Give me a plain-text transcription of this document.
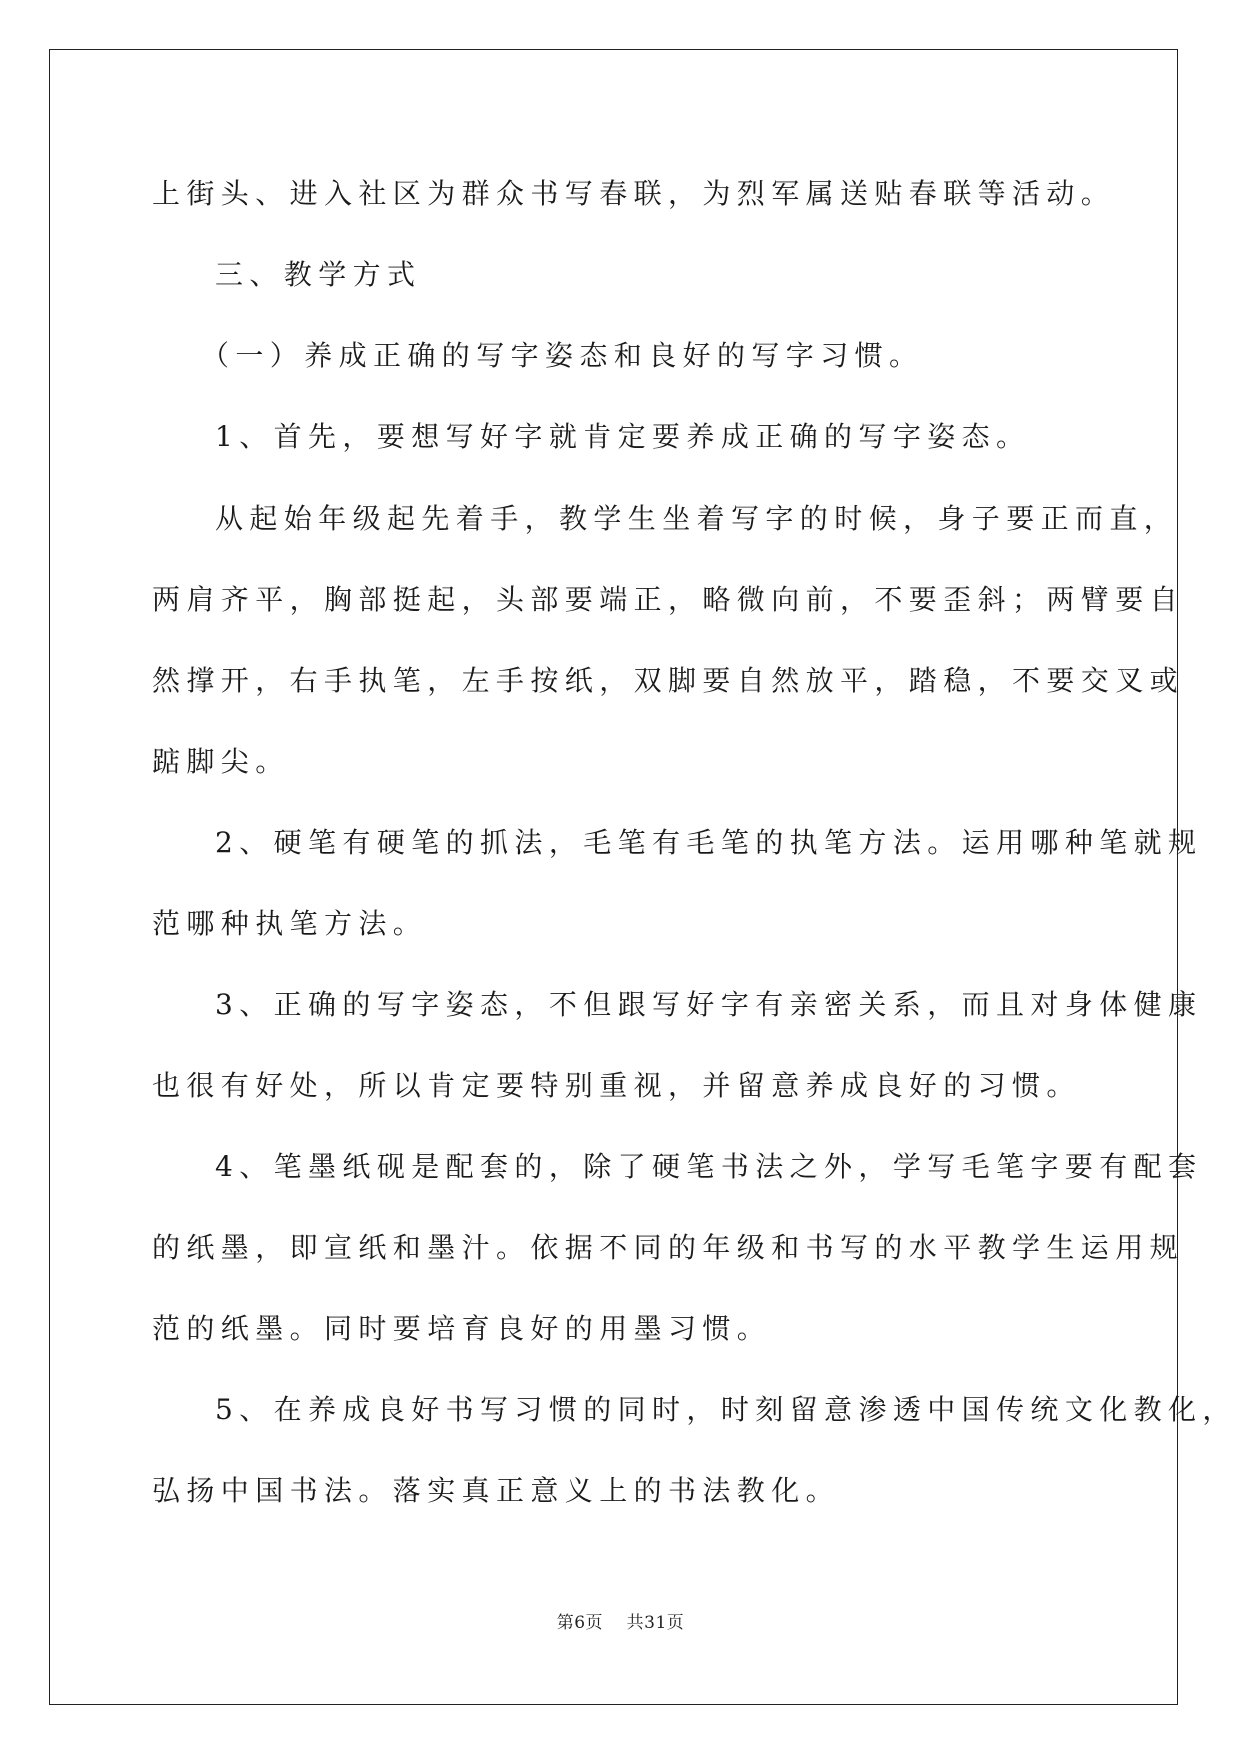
上街头、进入社区为群众书写春联，为烈军属送贴春联等活动。
三、教学方式
（一）养成正确的写字姿态和良好的写字习惯。
1、首先，要想写好字就肯定要养成正确的写字姿态。
从起始年级起先着手，教学生坐着写字的时候，身子要正而直，
两肩齐平，胸部挺起，头部要端正，略微向前，不要歪斜；两臂要自
然撑开，右手执笔，左手按纸，双脚要自然放平，踏稳，不要交叉或
踮脚尖。
2、硬笔有硬笔的抓法，毛笔有毛笔的执笔方法。运用哪种笔就规
范哪种执笔方法。
3、正确的写字姿态，不但跟写好字有亲密关系，而且对身体健康
也很有好处，所以肯定要特别重视，并留意养成良好的习惯。
4、笔墨纸砚是配套的，除了硬笔书法之外，学写毛笔字要有配套
的纸墨，即宣纸和墨汁。依据不同的年级和书写的水平教学生运用规
范的纸墨。同时要培育良好的用墨习惯。
5、在养成良好书写习惯的同时，时刻留意渗透中国传统文化教化，
弘扬中国书法。落实真正意义上的书法教化。
第6页 共31页
